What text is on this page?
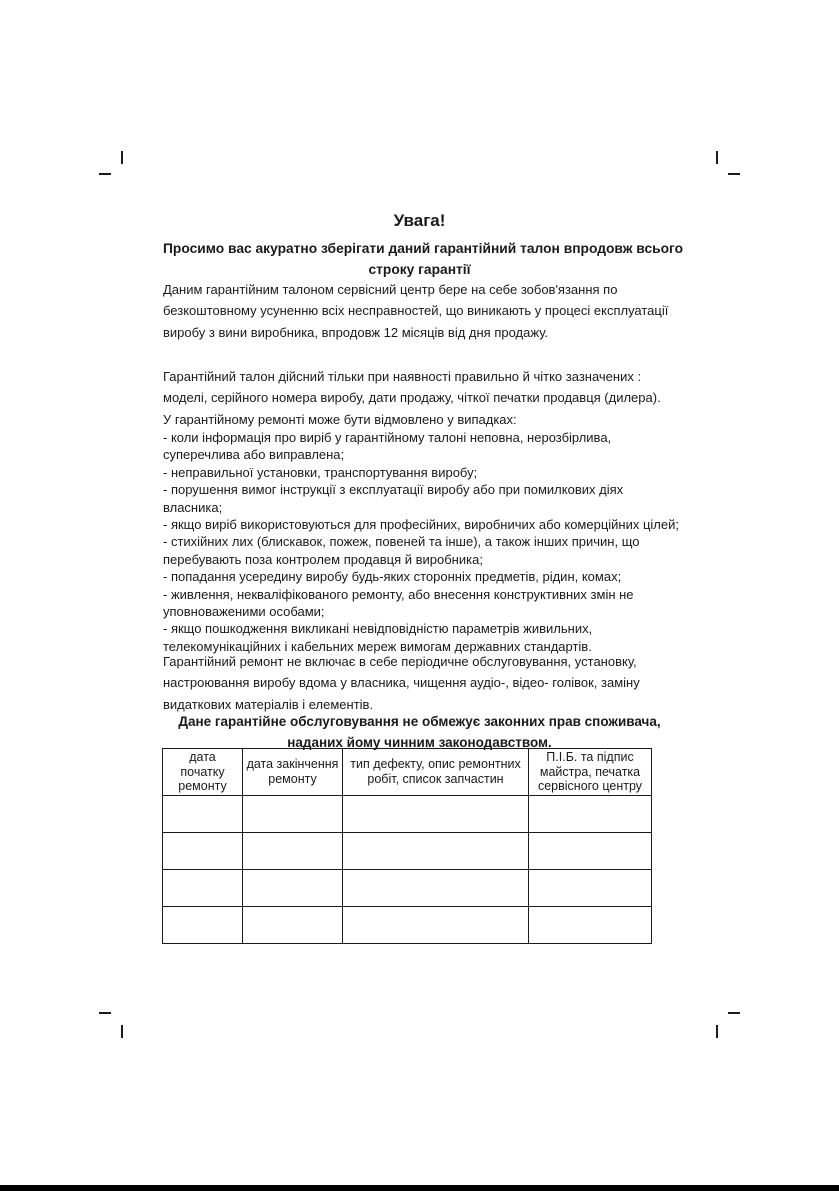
Увага!
Просимо вас акуратно зберігати даний гарантійний талон впродовж всього
строку гарантії
Даним гарантійним талоном сервісний центр бере на себе зобов'язання по
безкоштовному усуненню всіх несправностей, що виникають у процесі експлуатації
виробу з вини виробника, впродовж 12 місяців від дня продажу.
Гарантійний талон дійсний тільки при наявності правильно й чітко зазначених :
моделі, серійного номера виробу, дати продажу, чіткої печатки продавця (дилера).
У гарантійному ремонті може бути відмовлено у випадках:
- коли інформація про виріб у гарантійному талоні неповна, нерозбірлива,
суперечлива або виправлена;
- неправильної установки, транспортування виробу;
- порушення вимог інструкції з експлуатації виробу або при помилкових діях
власника;
- якщо виріб використовуються для професійних, виробничих або комерційних цілей;
- стихійних лих (блискавок, пожеж, повеней та інше), а також інших причин, що
перебувають поза контролем продавця й виробника;
- попадання усередину виробу будь-яких сторонніх предметів, рідин, комах;
- живлення, некваліфікованого ремонту, або внесення конструктивних змін не
уповноваженими особами;
- якщо пошкодження викликані невідповідністю параметрів живильних,
телекомунікаційних і кабельних мереж вимогам державних стандартів.
Гарантійний ремонт не включає в себе періодичне обслуговування, установку,
настроювання виробу вдома у власника, чищення аудіо-, відео- голівок, заміну
видаткових матеріалів і елементів.
Дане гарантійне обслуговування не обмежує законних прав споживача,
наданих йому чинним законодавством.
дата
початку
ремонту	дата закінчення
ремонту	тип дефекту, опис ремонтних
робіт, список запчастин	П.І.Б. та підпис
майстра, печатка
сервісного центру
